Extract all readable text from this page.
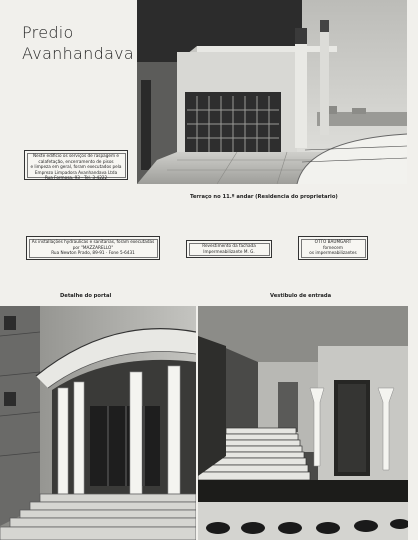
Predio
Avanhandava
Neste edificio os serviços de raspagem e
calafetação, encerramento de pisos
e limpeza em geral, foram executados pela
Emprezo Limpadora Avanhandava Ltda
Rua Formosa, 93 - Tel. 3-4222
Terraço no 11.º andar (Residencia do proprietario)
As installações hydraulicas e sanitarias, foram executadas
por "MAZZARELLO"
Rua Newton Prado, 89-91 · Fone 5-6431
Revestimento da fachada
Impermeabilizante M. G.
OTTO BAUMGART
fornecem
os impermeabilizantes
Detalhe do portal	Vestibulo de entrada
